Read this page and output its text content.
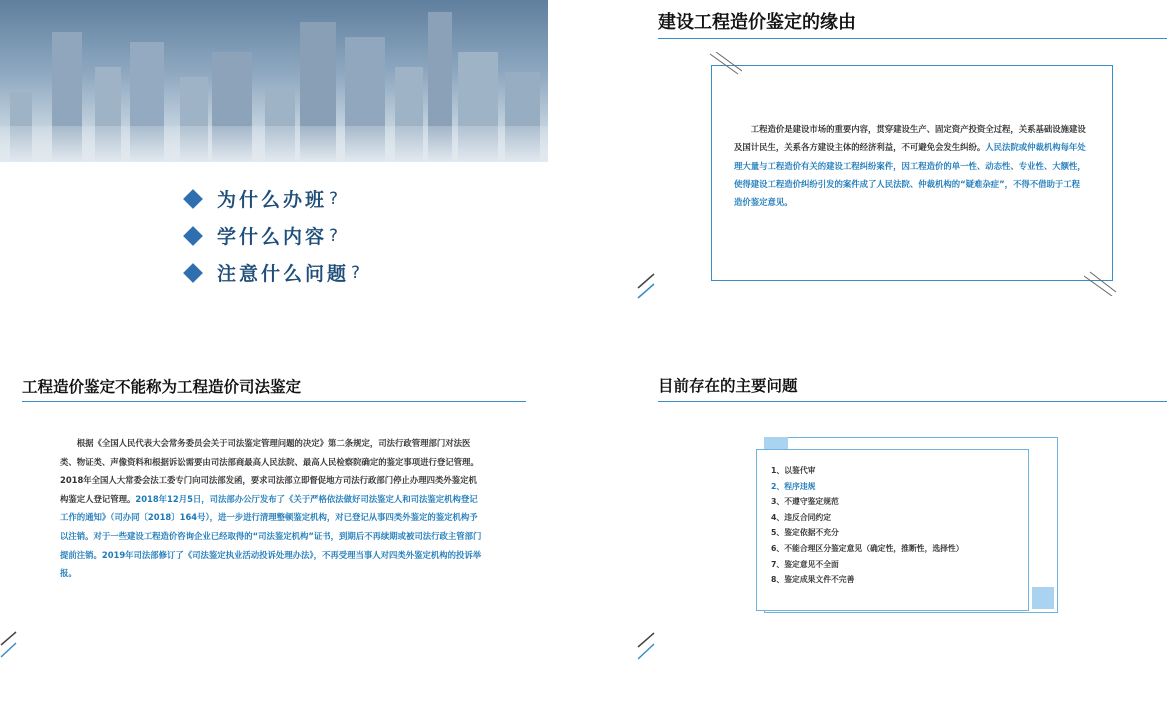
为什么办班 ?
学什么内容 ?
注意什么问题 ?
建设工程造价鉴定的缘由

工程造价是建设市场的重要内容，贯穿建设生产、固定资产投资全过程，关系基础设施建设及国计民生，关系各方建设主体的经济利益，不可避免会发生纠纷。人民法院或仲裁机构每年处理大量与工程造价有关的建设工程纠纷案件，因工程造价的单一性、动态性、专业性、大额性，使得建设工程造价纠纷引发的案件成了人民法院、仲裁机构的“疑难杂症”，不得不借助于工程造价鉴定意见。

工程造价鉴定不能称为工程造价司法鉴定

根据《全国人民代表大会常务委员会关于司法鉴定管理问题的决定》第二条规定，司法行政管理部门对法医类、物证类、声像资料和根据诉讼需要由司法部商最高人民法院、最高人民检察院确定的鉴定事项进行登记管理。2018年全国人大常委会法工委专门向司法部发函，要求司法部立即督促地方司法行政部门停止办理四类外鉴定机构鉴定人登记管理。2018年12月5日，司法部办公厅发布了《关于严格依法做好司法鉴定人和司法鉴定机构登记工作的通知》（司办同〔2018〕164号），进一步进行清理整顿鉴定机构，对已登记从事四类外鉴定的鉴定机构予以注销。对于一些建设工程造价咨询企业已经取得的“司法鉴定机构”证书，到期后不再续期或被司法行政主管部门提前注销。2019年司法部修订了《司法鉴定执业活动投诉处理办法》，不再受理当事人对四类外鉴定机构的投诉举报。

目前存在的主要问题
1、以鉴代审
2、程序违规
3、不遵守鉴定规范
4、违反合同约定
5、鉴定依据不充分
6、不能合理区分鉴定意见（确定性，推断性，选择性）
7、鉴定意见不全面
8、鉴定成果文件不完善
